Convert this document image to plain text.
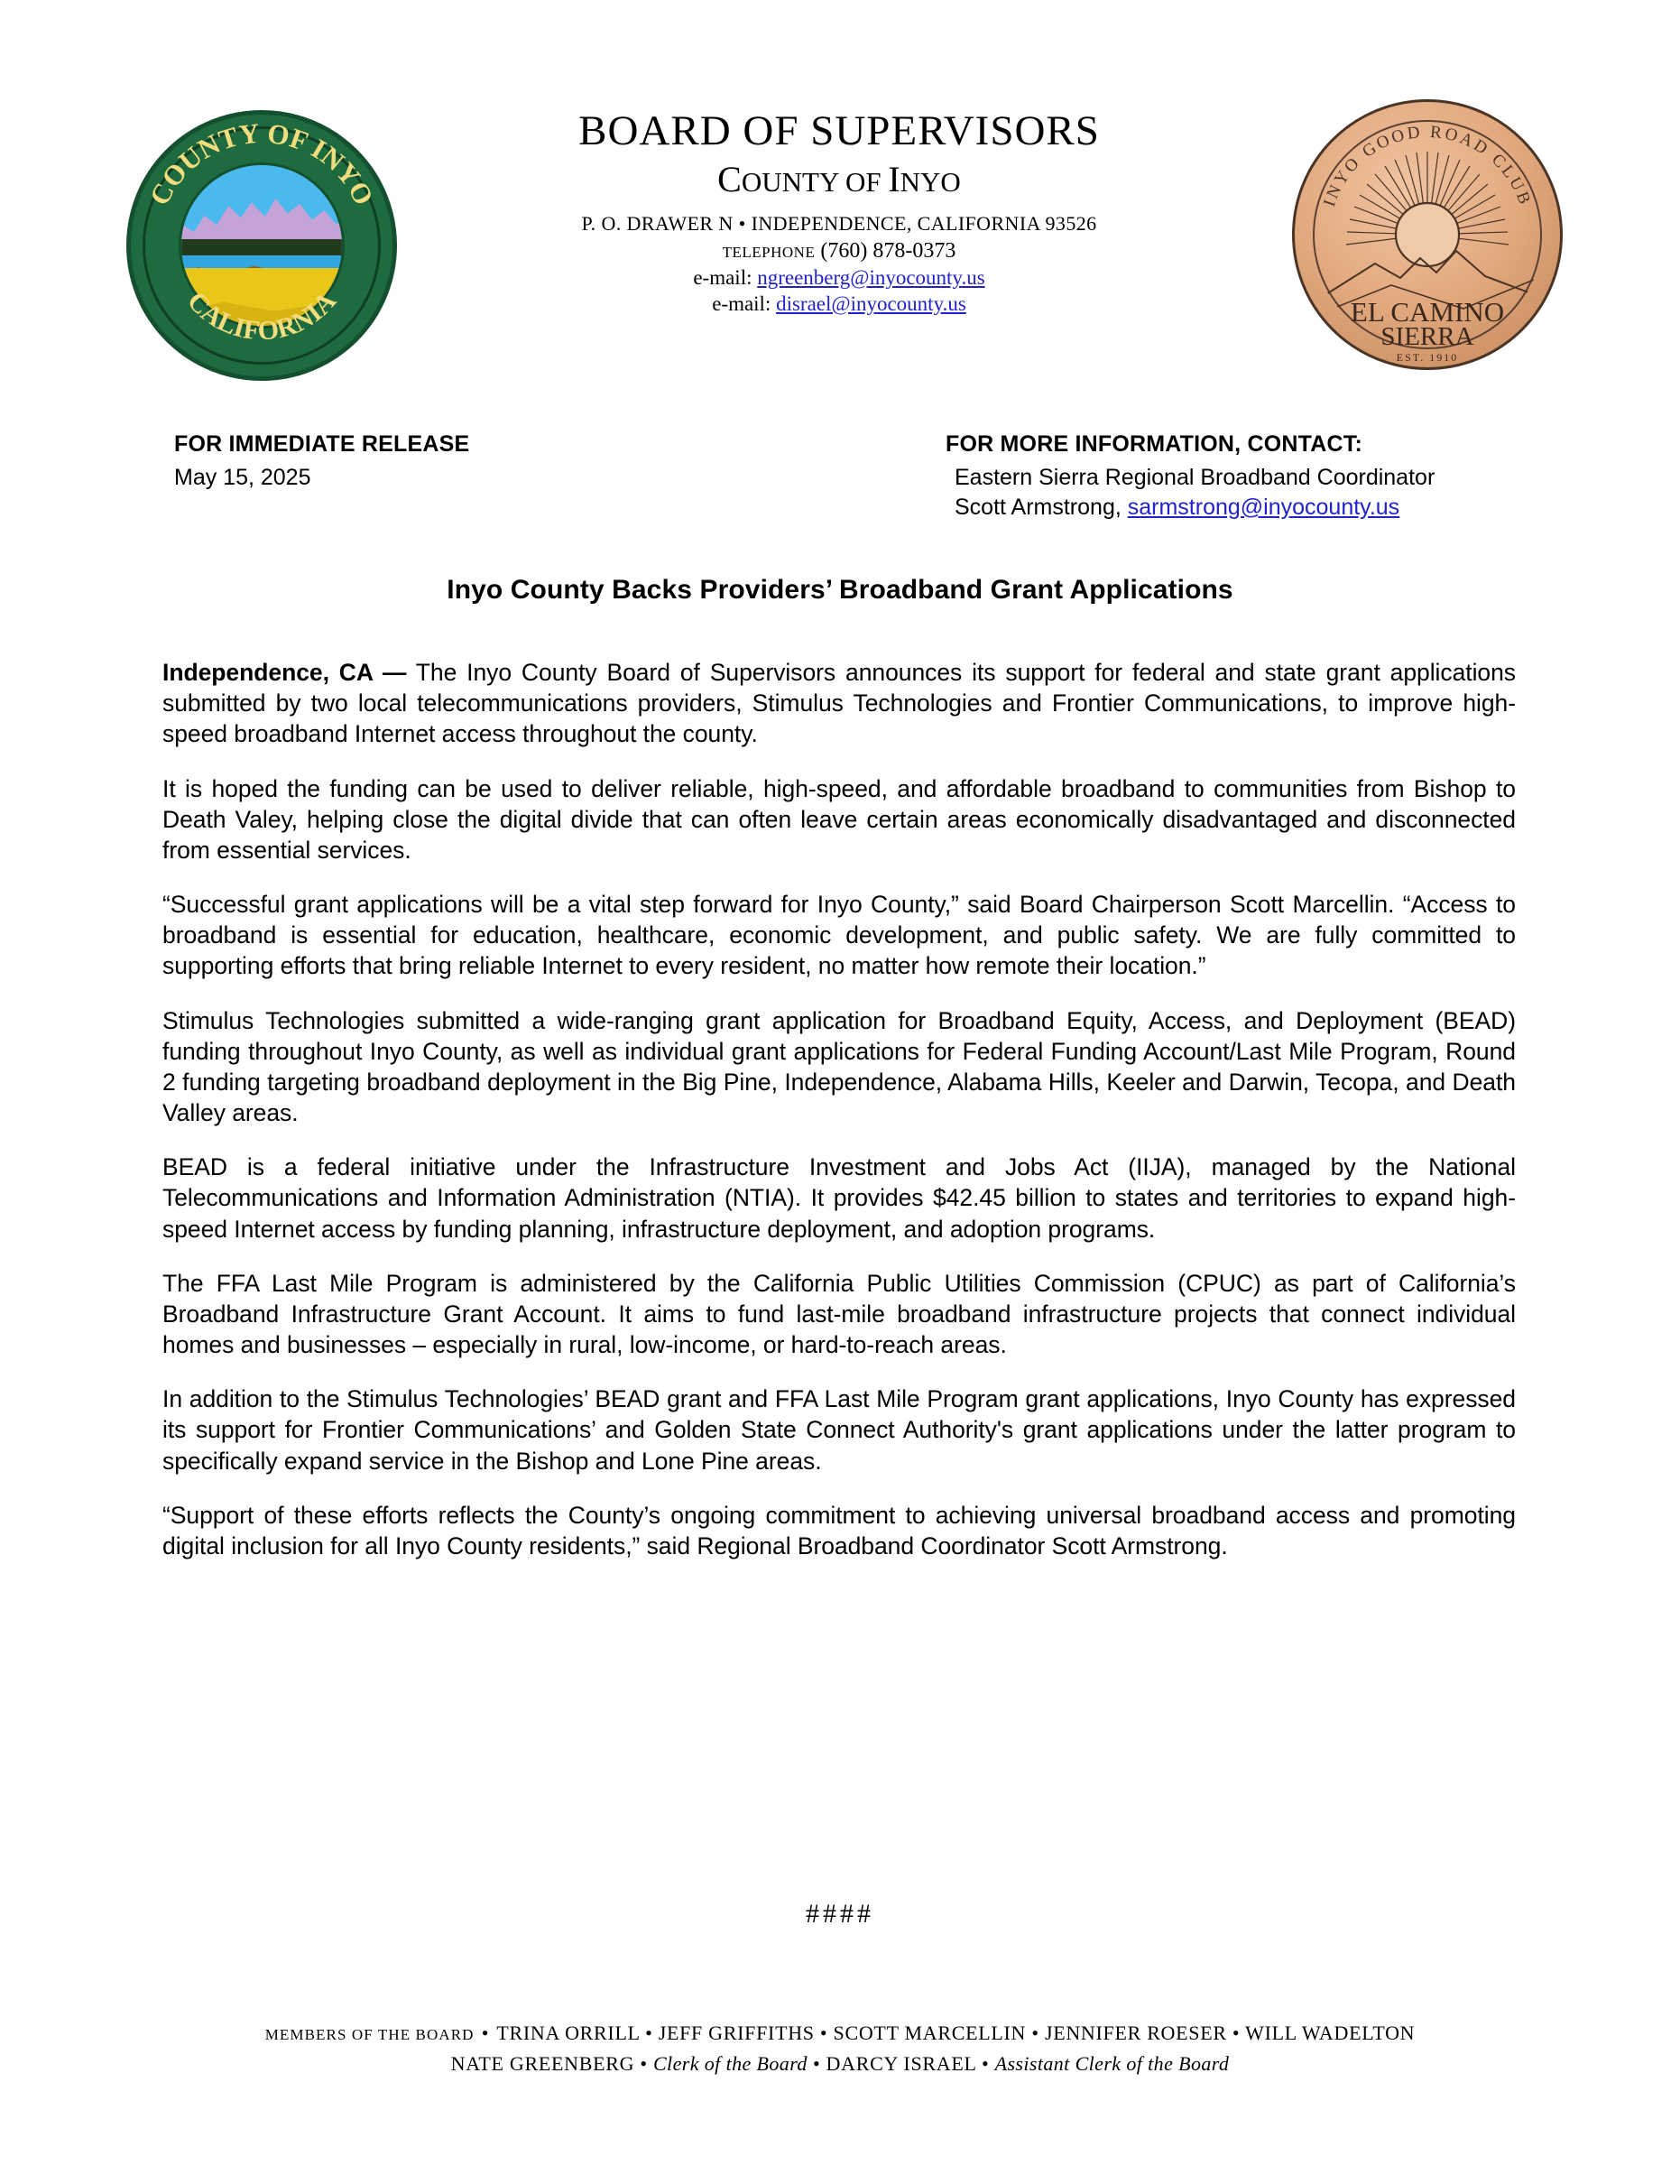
COUNTY OF INYO
CALIFORNIA
INYO GOOD ROAD CLUB
EL CAMINO
SIERRA
EST. 1910
BOARD OF SUPERVISORS
COUNTY OF INYO
P. O. DRAWER N • INDEPENDENCE, CALIFORNIA 93526
TELEPHONE (760) 878-0373
e-mail: ngreenberg@inyocounty.us
e-mail: disrael@inyocounty.us
FOR IMMEDIATE RELEASE
May 15, 2025
FOR MORE INFORMATION, CONTACT:
Eastern Sierra Regional Broadband Coordinator
Scott Armstrong, sarmstrong@inyocounty.us
Inyo County Backs Providers’ Broadband Grant Applications

Independence, CA — The Inyo County Board of Supervisors announces its support for federal and state grant applications submitted by two local telecommunications providers, Stimulus Technologies and Frontier Communications, to improve high-speed broadband Internet access throughout the county.

It is hoped the funding can be used to deliver reliable, high-speed, and affordable broadband to communities from Bishop to Death Valey, helping close the digital divide that can often leave certain areas economically disadvantaged and disconnected from essential services.

“Successful grant applications will be a vital step forward for Inyo County,” said Board Chairperson Scott Marcellin. “Access to broadband is essential for education, healthcare, economic development, and public safety. We are fully committed to supporting efforts that bring reliable Internet to every resident, no matter how remote their location.”

Stimulus Technologies submitted a wide-ranging grant application for Broadband Equity, Access, and Deployment (BEAD) funding throughout Inyo County, as well as individual grant applications for Federal Funding Account/Last Mile Program, Round 2 funding targeting broadband deployment in the Big Pine, Independence, Alabama Hills, Keeler and Darwin, Tecopa, and Death Valley areas.

BEAD is a federal initiative under the Infrastructure Investment and Jobs Act (IIJA), managed by the National Telecommunications and Information Administration (NTIA). It provides $42.45 billion to states and territories to expand high-speed Internet access by funding planning, infrastructure deployment, and adoption programs.

The FFA Last Mile Program is administered by the California Public Utilities Commission (CPUC) as part of California’s Broadband Infrastructure Grant Account. It aims to fund last-mile broadband infrastructure projects that connect individual homes and businesses – especially in rural, low-income, or hard-to-reach areas.

In addition to the Stimulus Technologies’ BEAD grant and FFA Last Mile Program grant applications, Inyo County has expressed its support for Frontier Communications’ and Golden State Connect Authority's grant applications under the latter program to specifically expand service in the Bishop and Lone Pine areas.

“Support of these efforts reflects the County’s ongoing commitment to achieving universal broadband access and promoting digital inclusion for all Inyo County residents,” said Regional Broadband Coordinator Scott Armstrong.

####
MEMBERS OF THE BOARD • TRINA ORRILL • JEFF GRIFFITHS • SCOTT MARCELLIN • JENNIFER ROESER • WILL WADELTON
NATE GREENBERG • Clerk of the Board • DARCY ISRAEL • Assistant Clerk of the Board
